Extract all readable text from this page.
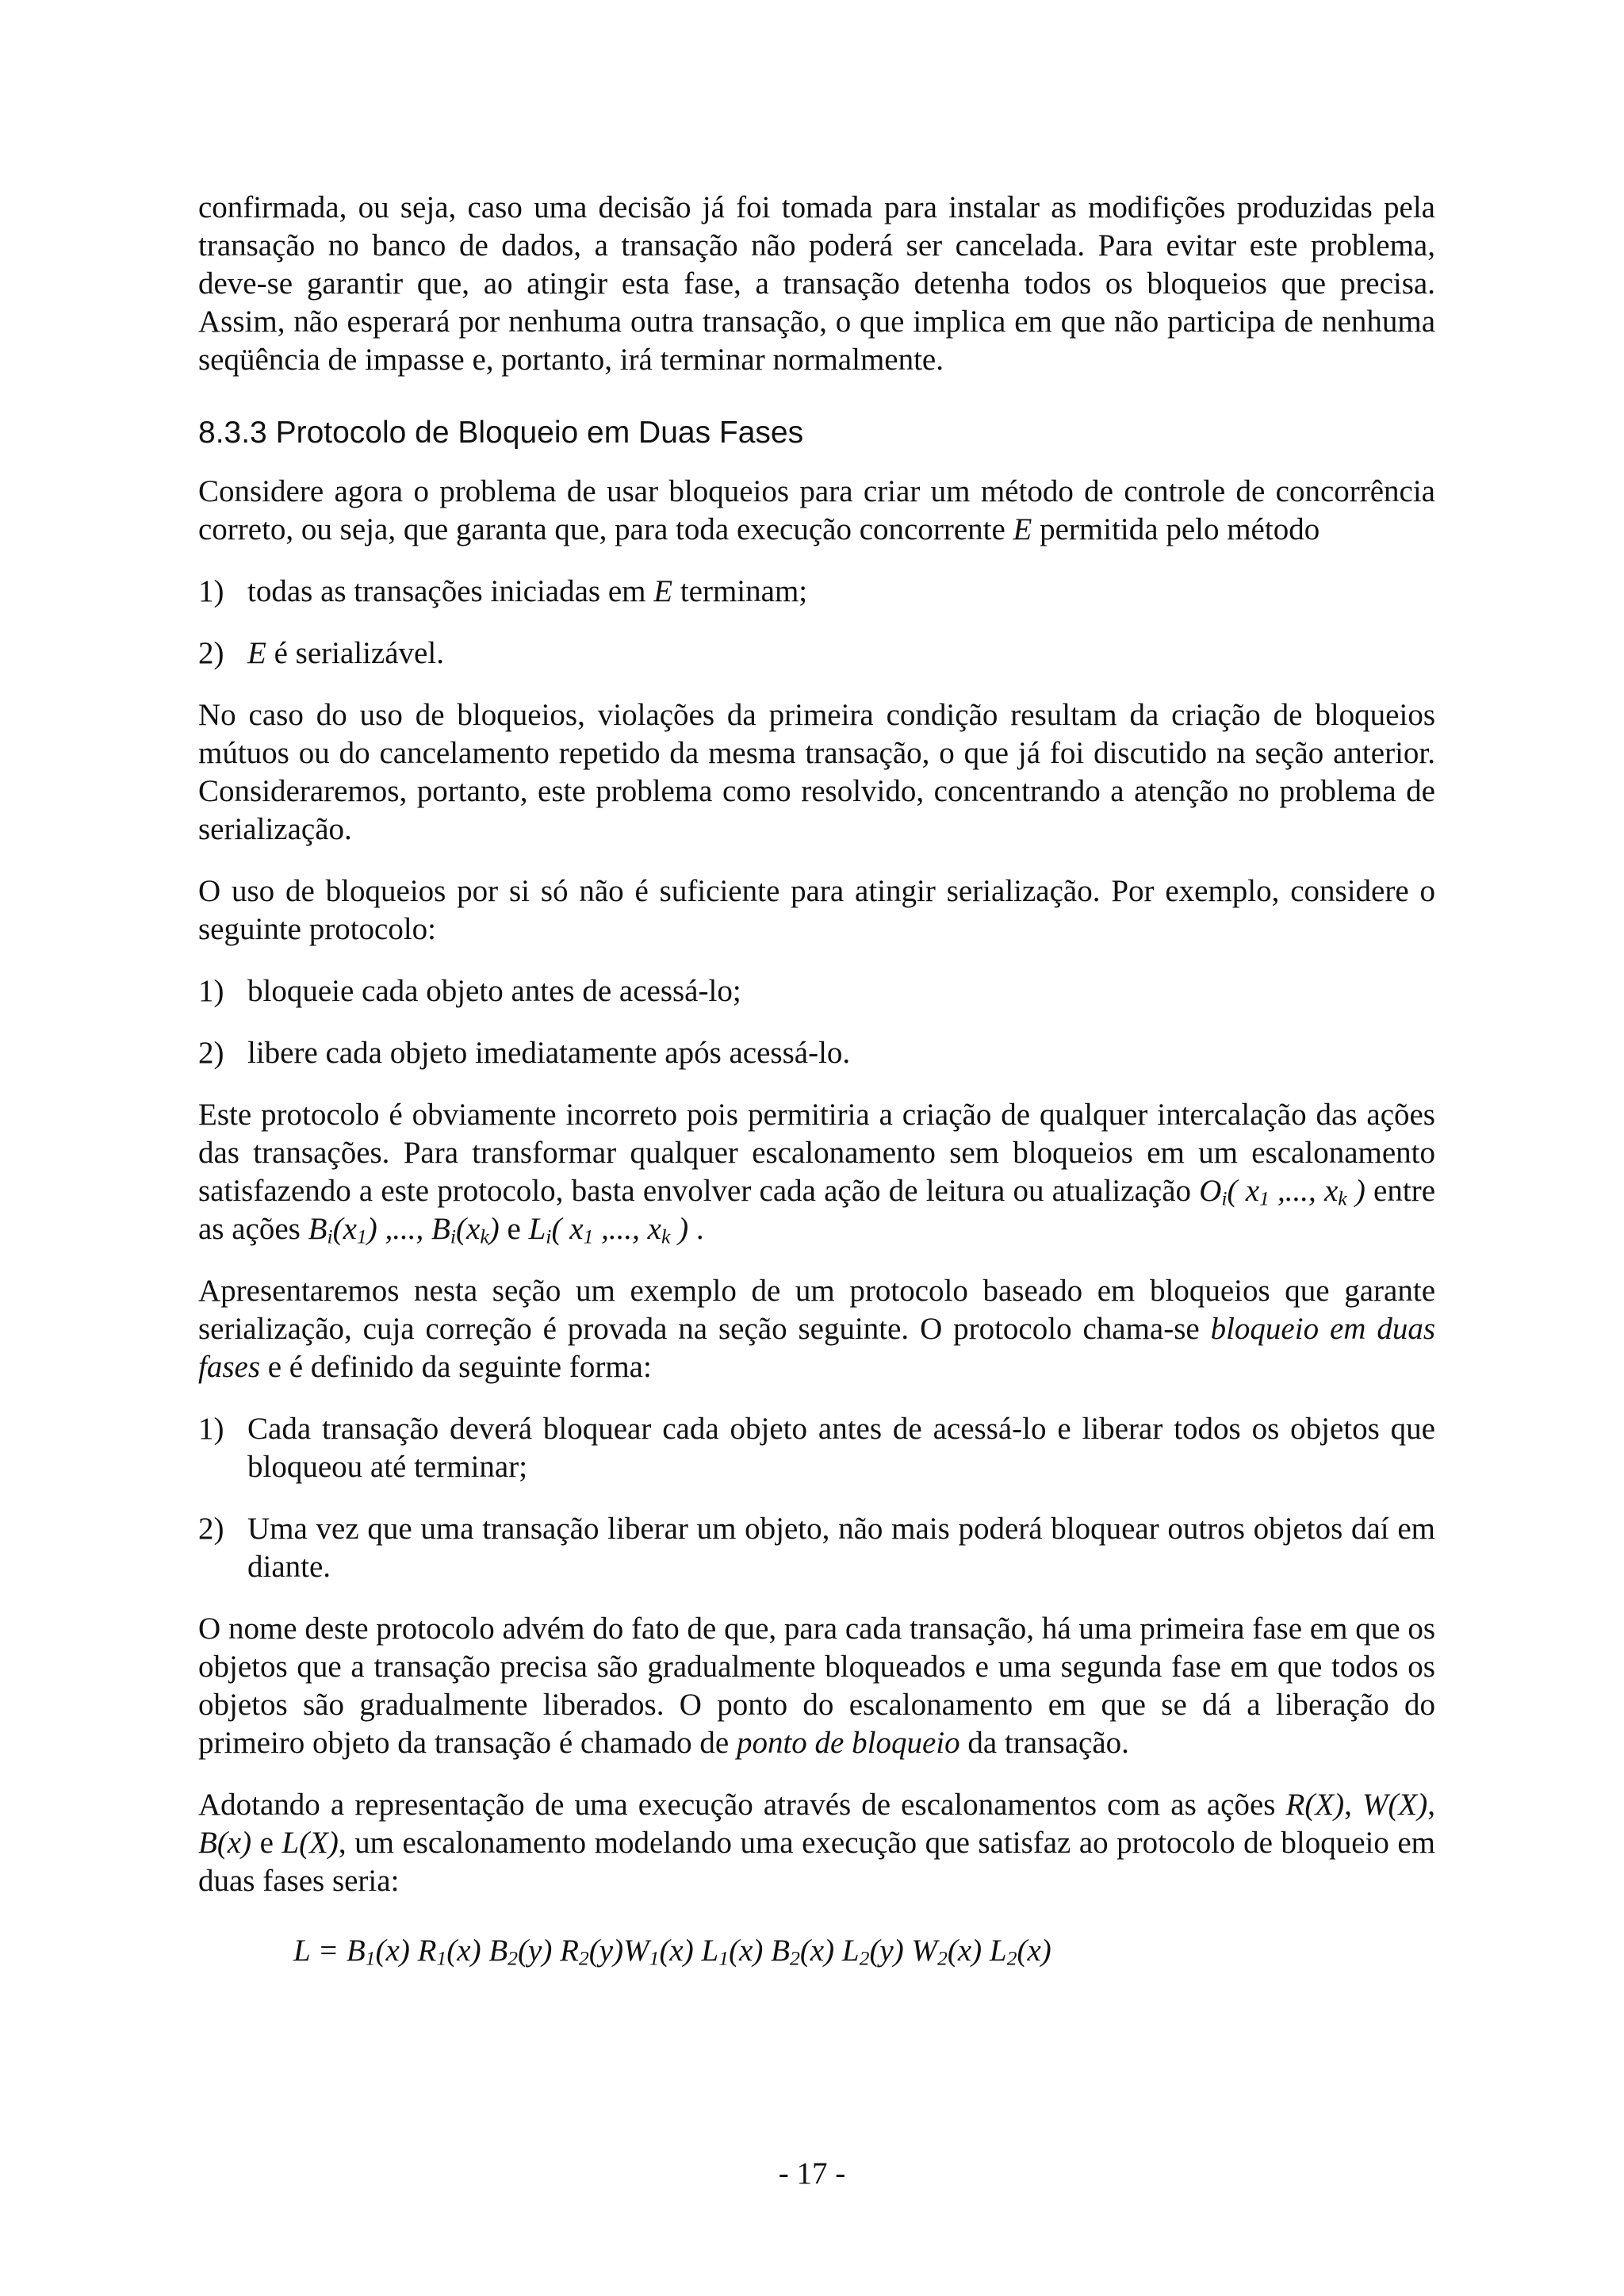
confirmada, ou seja, caso uma decisão já foi tomada para instalar as modifições produzidas pela transação no banco de dados, a transação não poderá ser cancelada. Para evitar este problema, deve-se garantir que, ao atingir esta fase, a transação detenha todos os bloqueios que precisa. Assim, não esperará por nenhuma outra transação, o que implica em que não participa de nenhuma seqüência de impasse e, portanto, irá terminar normalmente.

8.3.3 Protocolo de Bloqueio em Duas Fases

Considere agora o problema de usar bloqueios para criar um método de controle de concorrência correto, ou seja, que garanta que, para toda execução concorrente E permitida pelo método

1) todas as transações iniciadas em E terminam;
2) E é serializável.

No caso do uso de bloqueios, violações da primeira condição resultam da criação de bloqueios mútuos ou do cancelamento repetido da mesma transação, o que já foi discutido na seção anterior. Consideraremos, portanto, este problema como resolvido, concentrando a atenção no problema de serialização.

O uso de bloqueios por si só não é suficiente para atingir serialização. Por exemplo, considere o seguinte protocolo:

1) bloqueie cada objeto antes de acessá-lo;
2) libere cada objeto imediatamente após acessá-lo.

Este protocolo é obviamente incorreto pois permitiria a criação de qualquer intercalação das ações das transações. Para transformar qualquer escalonamento sem bloqueios em um escalonamento satisfazendo a este protocolo, basta envolver cada ação de leitura ou atualização $O_i$( $x_1$ ,..., $x_k$ ) entre as ações $B_i(x_1)$ ,..., $B_i(x_k)$ e $L_i$( $x_1$ ,..., $x_k$ ) .

Apresentaremos nesta seção um exemplo de um protocolo baseado em bloqueios que garante serialização, cuja correção é provada na seção seguinte. O protocolo chama-se bloqueio em duas fases e é definido da seguinte forma:

1) Cada transação deverá bloquear cada objeto antes de acessá-lo e liberar todos os objetos que bloqueou até terminar;
2) Uma vez que uma transação liberar um objeto, não mais poderá bloquear outros objetos daí em diante.

O nome deste protocolo advém do fato de que, para cada transação, há uma primeira fase em que os objetos que a transação precisa são gradualmente bloqueados e uma segunda fase em que todos os objetos são gradualmente liberados. O ponto do escalonamento em que se dá a liberação do primeiro objeto da transação é chamado de ponto de bloqueio da transação.

Adotando a representação de uma execução através de escalonamentos com as ações R(X), W(X), B(x) e L(X), um escalonamento modelando uma execução que satisfaz ao protocolo de bloqueio em duas fases seria:

$L = B_1(x)$ $R_1(x)$ $B_2(y)$ $R_2(y)W_1(x)$ $L_1(x)$ $B_2(x)$ $L_2(y)$ $W_2(x)$ $L_2(x)$
- 17 -
